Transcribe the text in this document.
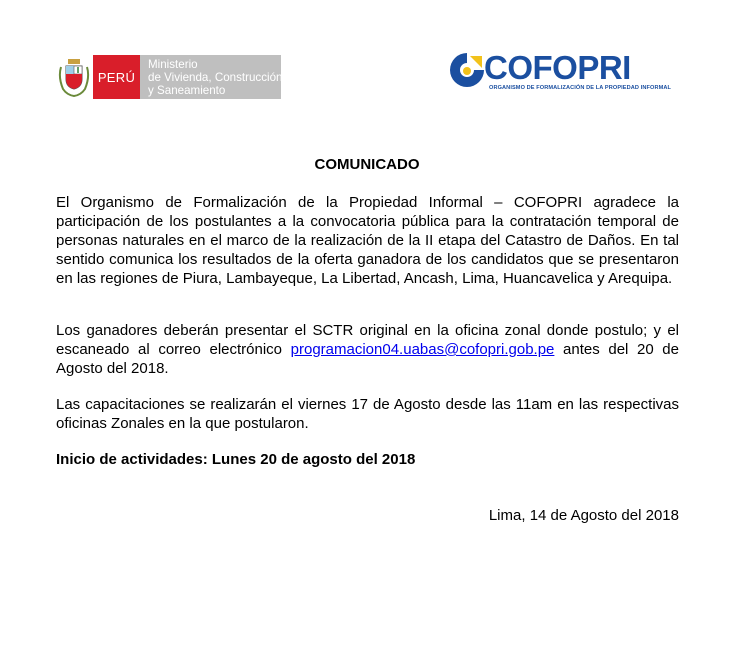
PERÚ
Ministerio
de Vivienda, Construcción
y Saneamiento
COFOPRI
ORGANISMO DE FORMALIZACIÓN DE LA PROPIEDAD INFORMAL
COMUNICADO

El Organismo de Formalización de la Propiedad Informal – COFOPRI agradece la participación de los postulantes a la convocatoria pública para la contratación temporal de personas naturales en el marco de la realización de la II etapa del Catastro de Daños. En tal sentido comunica los resultados de la oferta ganadora de los candidatos que se presentaron en las regiones de Piura, Lambayeque, La Libertad, Ancash, Lima, Huancavelica y Arequipa.

Los ganadores deberán presentar el SCTR original en la oficina zonal donde postulo; y el escaneado al correo electrónico programacion04.uabas@cofopri.gob.pe antes del 20 de Agosto del 2018.

Las capacitaciones se realizarán el viernes 17 de Agosto desde las 11am en las respectivas oficinas Zonales en la que postularon.

Inicio de actividades: Lunes 20 de agosto del 2018

Lima, 14 de Agosto del 2018
